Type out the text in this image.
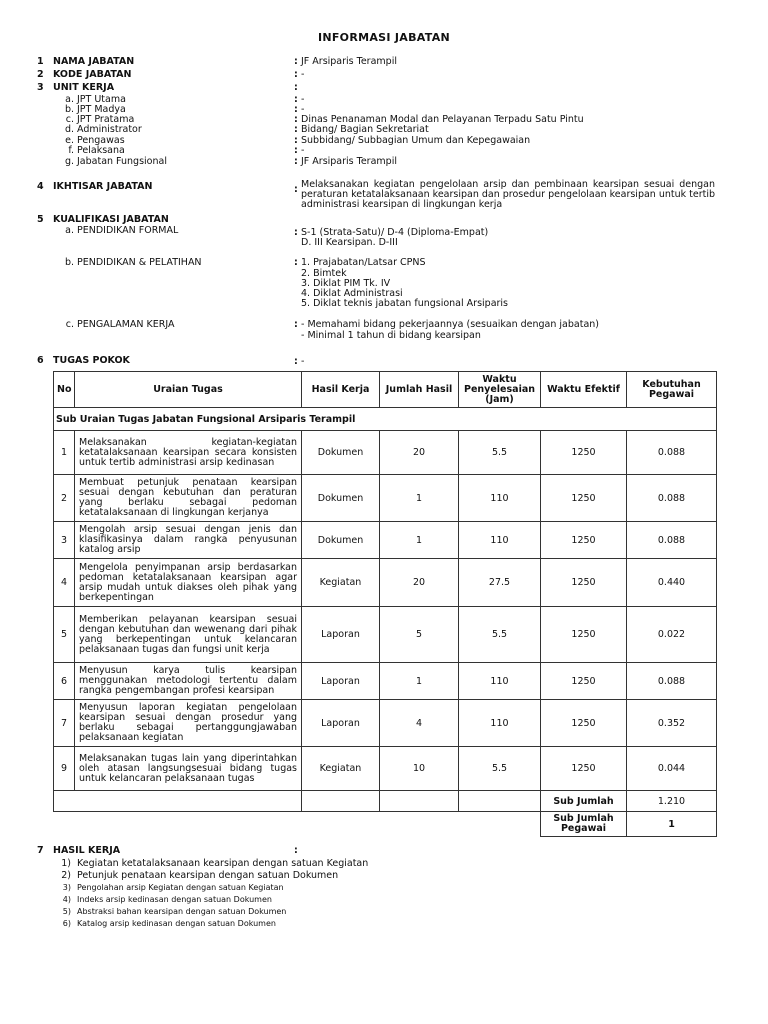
INFORMASI JABATAN
1 NAMA JABATAN	: JF Arsiparis Terampil
2 KODE JABATAN	: -
3 UNIT KERJA	:
a. JPT Utama	: -
b. JPT Madya	: -
c. JPT Pratama	: Dinas Penanaman Modal dan Pelayanan Terpadu Satu Pintu
d. Administrator	: Bidang/ Bagian Sekretariat
e. Pengawas	: Subbidang/ Subbagian Umum dan Kepegawaian
f. Pelaksana	: -
g. Jabatan Fungsional	: JF Arsiparis Terampil
4 IKHTISAR JABATAN	: Melaksanakan kegiatan pengelolaan arsip dan pembinaan kearsipan sesuai dengan peraturan ketatalaksanaan kearsipan dan prosedur pengelolaan kearsipan untuk tertib administrasi kearsipan di lingkungan kerja
5 KUALIFIKASI JABATAN
a. PENDIDIKAN FORMAL	: S-1 (Strata-Satu)/ D-4 (Diploma-Empat)
D. III Kearsipan. D-III
b. PENDIDIKAN & PELATIHAN	: 1. Prajabatan/Latsar CPNS
2. Bimtek
3. Diklat PIM Tk. IV
4. Diklat Administrasi
5. Diklat teknis jabatan fungsional Arsiparis
c. PENGALAMAN KERJA	: - Memahami bidang pekerjaannya (sesuaikan dengan jabatan)
- Minimal 1 tahun di bidang kearsipan
6 TUGAS POKOK	: -
No	Uraian Tugas	Hasil Kerja	Jumlah Hasil	Waktu Penyelesaian (Jam)	Waktu Efektif	Kebutuhan Pegawai
Sub Uraian Tugas Jabatan Fungsional Arsiparis Terampil						
1	Melaksanakan kegiatan-kegiatan ketatalaksanaan kearsipan secara konsisten untuk tertib administrasi arsip kedinasan	Dokumen	20	5.5	1250	0.088
2	Membuat petunjuk penataan kearsipan sesuai dengan kebutuhan dan peraturan yang berlaku sebagai pedoman ketatalaksanaan di lingkungan kerjanya	Dokumen	1	110	1250	0.088
3	Mengolah arsip sesuai dengan jenis dan klasifikasinya dalam rangka penyusunan katalog arsip	Dokumen	1	110	1250	0.088
4	Mengelola penyimpanan arsip berdasarkan pedoman ketatalaksanaan kearsipan agar arsip mudah untuk diakses oleh pihak yang berkepentingan	Kegiatan	20	27.5	1250	0.440
5	Memberikan pelayanan kearsipan sesuai dengan kebutuhan dan wewenang dari pihak yang berkepentingan untuk kelancaran pelaksanaan tugas dan fungsi unit kerja	Laporan	5	5.5	1250	0.022
6	Menyusun karya tulis kearsipan menggunakan metodologi tertentu dalam rangka pengembangan profesi kearsipan	Laporan	1	110	1250	0.088
7	Menyusun laporan kegiatan pengelolaan kearsipan sesuai dengan prosedur yang berlaku sebagai pertanggungjawaban pelaksanaan kegiatan	Laporan	4	110	1250	0.352
9	Melaksanakan tugas lain yang diperintahkan oleh atasan langsungsesuai bidang tugas untuk kelancaran pelaksanaan tugas	Kegiatan	10	5.5	1250	0.044
					Sub Jumlah	1.210
					Sub Jumlah Pegawai	1
7 HASIL KERJA	:
1) Kegiatan ketatalaksanaan kearsipan dengan satuan Kegiatan
2) Petunjuk penataan kearsipan dengan satuan Dokumen
3) Pengolahan arsip Kegiatan dengan satuan Kegiatan
4) Indeks arsip kedinasan dengan satuan Dokumen
5) Abstraksi bahan kearsipan dengan satuan Dokumen
6) Katalog arsip kedinasan dengan satuan Dokumen
